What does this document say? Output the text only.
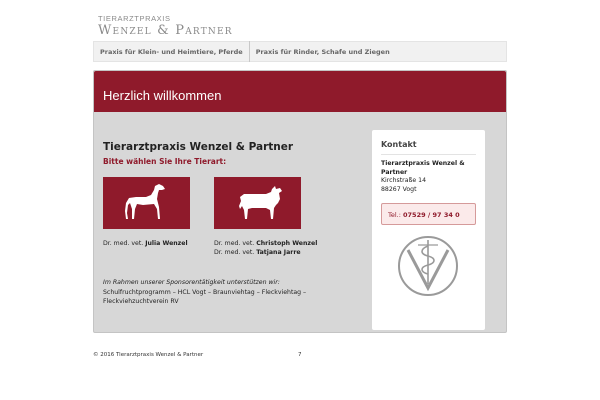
TIERARZTPRAXIS
Wenzel & Partner
Praxis für Klein- und Heimtiere, Pferde	Praxis für Rinder, Schafe und Ziegen
Herzlich willkommen
Tierarztpraxis Wenzel & Partner
Bitte wählen Sie Ihre Tierart:
Dr. med. vet. Julia Wenzel	Dr. med. vet. Christoph Wenzel
Dr. med. vet. Tatjana Jarre
Im Rahmen unserer Sponsorentätigkeit unterstützen wir:
Schulfruchtprogramm – HCL Vogt – Braunviehtag – Fleckviehtag – Fleckviehzuchtverein RV
Kontakt
Tierarztpraxis Wenzel & Partner
Kirchstraße 14
88267 Vogt
Tel.: 07529 / 97 34 0
© 2016 Tierarztpraxis Wenzel & Partner	7
